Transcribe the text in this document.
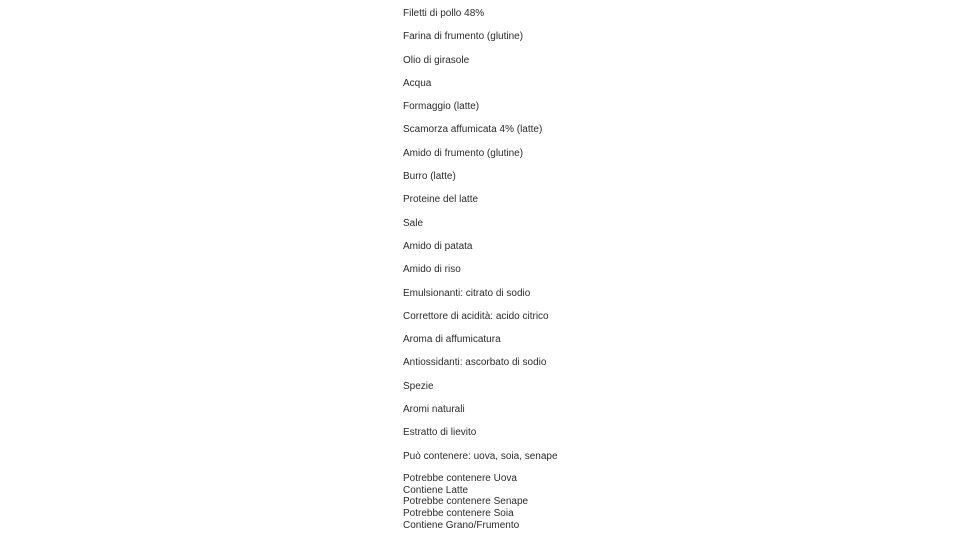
Filetti di pollo 48%
Farina di frumento (glutine)
Olio di girasole
Acqua
Formaggio (latte)
Scamorza affumicata 4% (latte)
Amido di frumento (glutine)
Burro (latte)
Proteine del latte
Sale
Amido di patata
Amido di riso
Emulsionanti: citrato di sodio
Correttore di acidità: acido citrico
Aroma di affumicatura
Antiossidanti: ascorbato di sodio
Spezie
Aromi naturali
Estratto di lievito
Può contenere: uova, soia, senape
Potrebbe contenere Uova
Contiene Latte
Potrebbe contenere Senape
Potrebbe contenere Soia
Contiene Grano/Frumento
